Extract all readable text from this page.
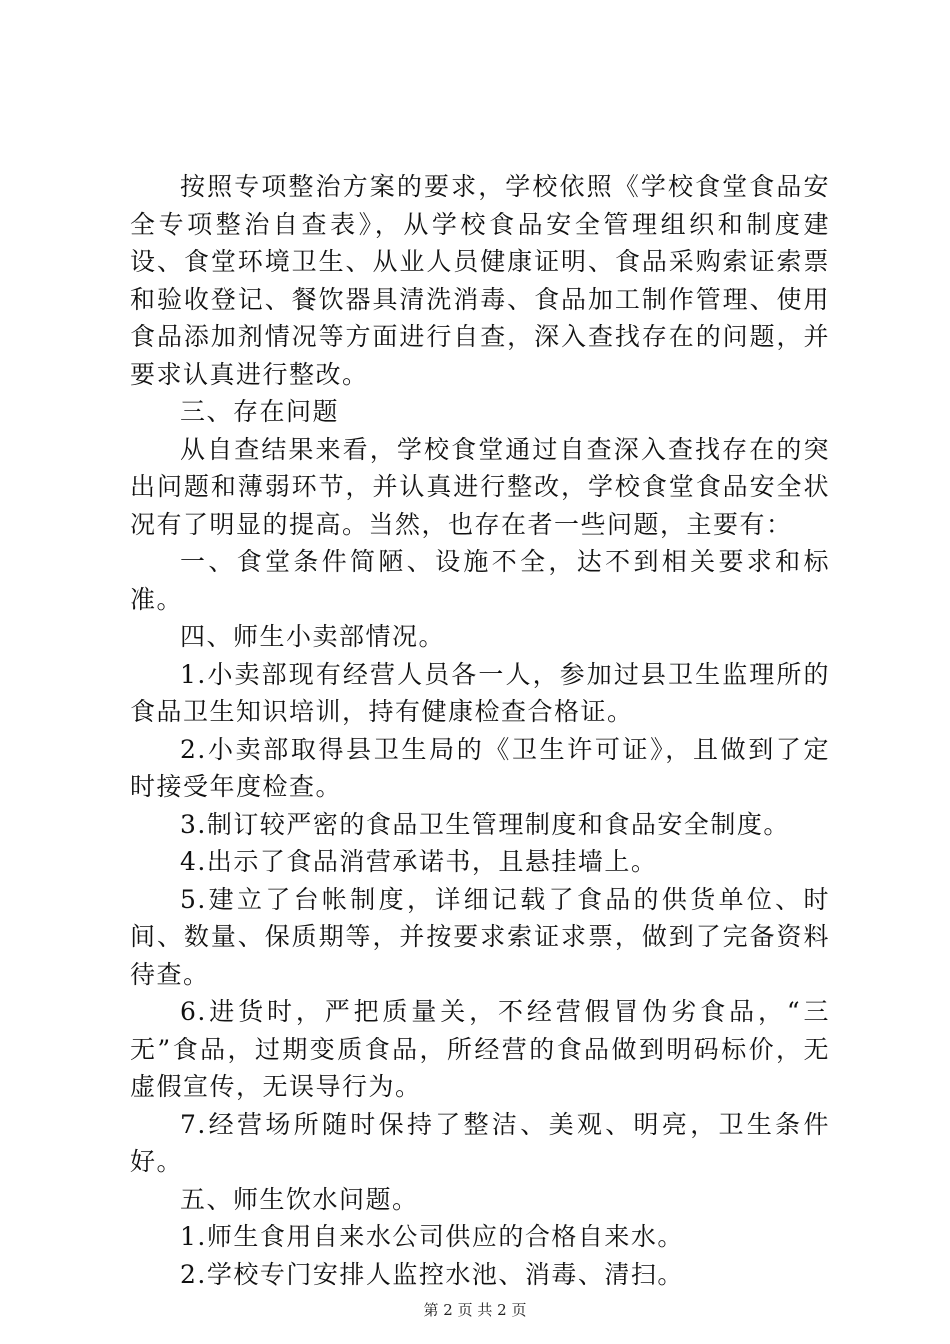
按照专项整治方案的要求，学校依照《学校食堂食品安全专项整治自查表》，从学校食品安全管理组织和制度建设、食堂环境卫生、从业人员健康证明、食品采购索证索票和验收登记、餐饮器具清洗消毒、食品加工制作管理、使用食品添加剂情况等方面进行自查，深入查找存在的问题，并要求认真进行整改。

三、存在问题

从自查结果来看，学校食堂通过自查深入查找存在的突出问题和薄弱环节，并认真进行整改，学校食堂食品安全状况有了明显的提高。当然，也存在者一些问题，主要有：

一、食堂条件简陋、设施不全，达不到相关要求和标准。

四、师生小卖部情况。

1.小卖部现有经营人员各一人，参加过县卫生监理所的食品卫生知识培训，持有健康检查合格证。

2.小卖部取得县卫生局的《卫生许可证》，且做到了定时接受年度检查。

3.制订较严密的食品卫生管理制度和食品安全制度。

4.出示了食品消营承诺书，且悬挂墙上。

5.建立了台帐制度，详细记载了食品的供货单位、时间、数量、保质期等，并按要求索证求票，做到了完备资料待查。

6.进货时，严把质量关，不经营假冒伪劣食品，“三无”食品，过期变质食品，所经营的食品做到明码标价，无虚假宣传，无误导行为。

7.经营场所随时保持了整洁、美观、明亮，卫生条件好。

五、师生饮水问题。

1.师生食用自来水公司供应的合格自来水。

2.学校专门安排人监控水池、消毒、清扫。

第 2 页 共 2 页
